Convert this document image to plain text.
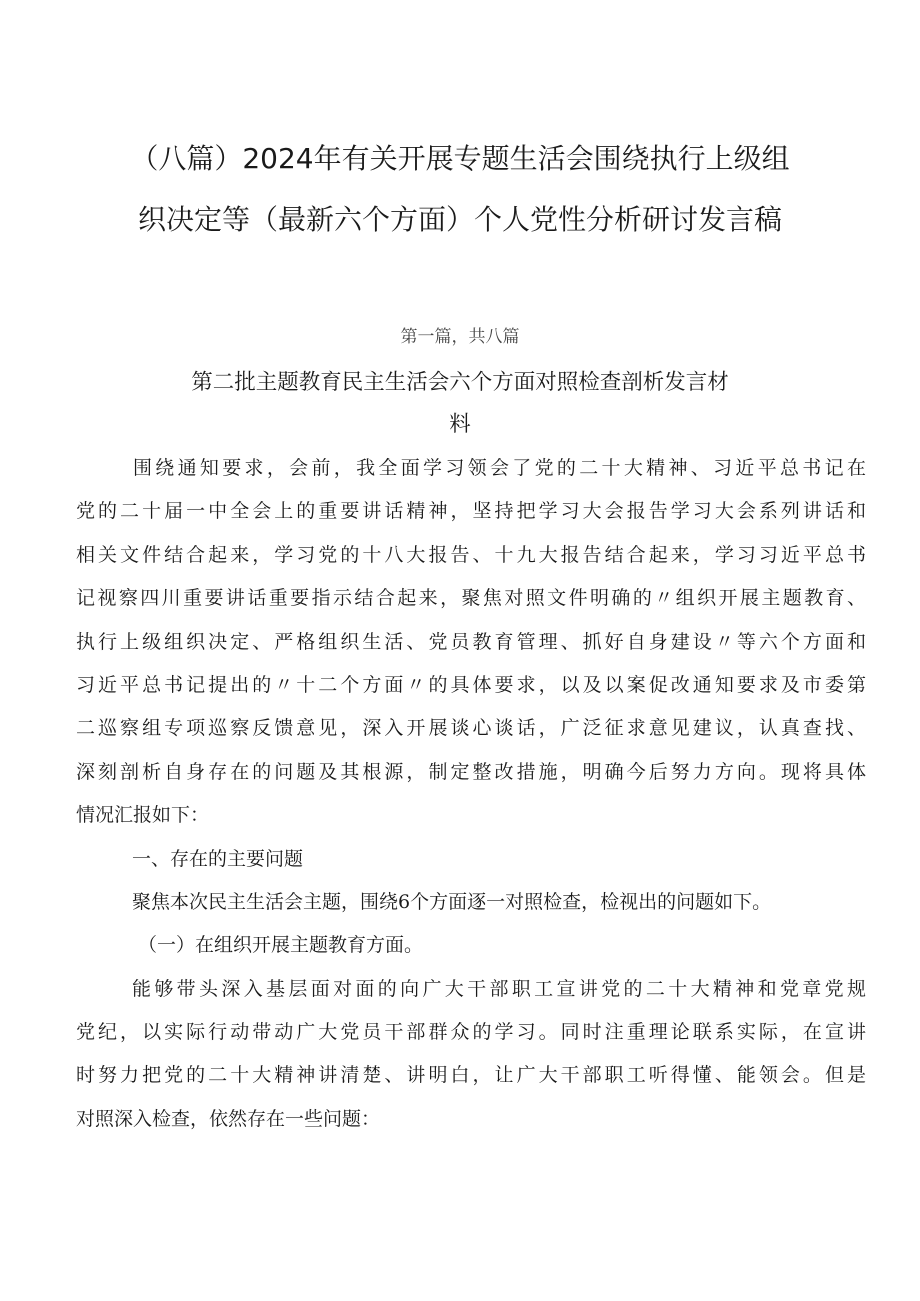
（八篇）2024年有关开展专题生活会围绕执行上级组
织决定等（最新六个方面）个人党性分析研讨发言稿
第一篇，共八篇
第二批主题教育民主生活会六个方面对照检查剖析发言材
料
围绕通知要求，会前，我全面学习领会了党的二十大精神、习近平总书记在
党的二十届一中全会上的重要讲话精神，坚持把学习大会报告学习大会系列讲话和
相关文件结合起来，学习党的十八大报告、十九大报告结合起来，学习习近平总书
记视察四川重要讲话重要指示结合起来，聚焦对照文件明确的〃组织开展主题教育、
执行上级组织决定、严格组织生活、党员教育管理、抓好自身建设〃等六个方面和
习近平总书记提出的〃十二个方面〃的具体要求，以及以案促改通知要求及市委第
二巡察组专项巡察反馈意见，深入开展谈心谈话，广泛征求意见建议，认真查找、
深刻剖析自身存在的问题及其根源，制定整改措施，明确今后努力方向。现将具体
情况汇报如下：
一、存在的主要问题
聚焦本次民主生活会主题，围绕6个方面逐一对照检查，检视出的问题如下。
（一）在组织开展主题教育方面。
能够带头深入基层面对面的向广大干部职工宣讲党的二十大精神和党章党规
党纪，以实际行动带动广大党员干部群众的学习。同时注重理论联系实际，在宣讲
时努力把党的二十大精神讲清楚、讲明白，让广大干部职工听得懂、能领会。但是
对照深入检查，依然存在一些问题：
